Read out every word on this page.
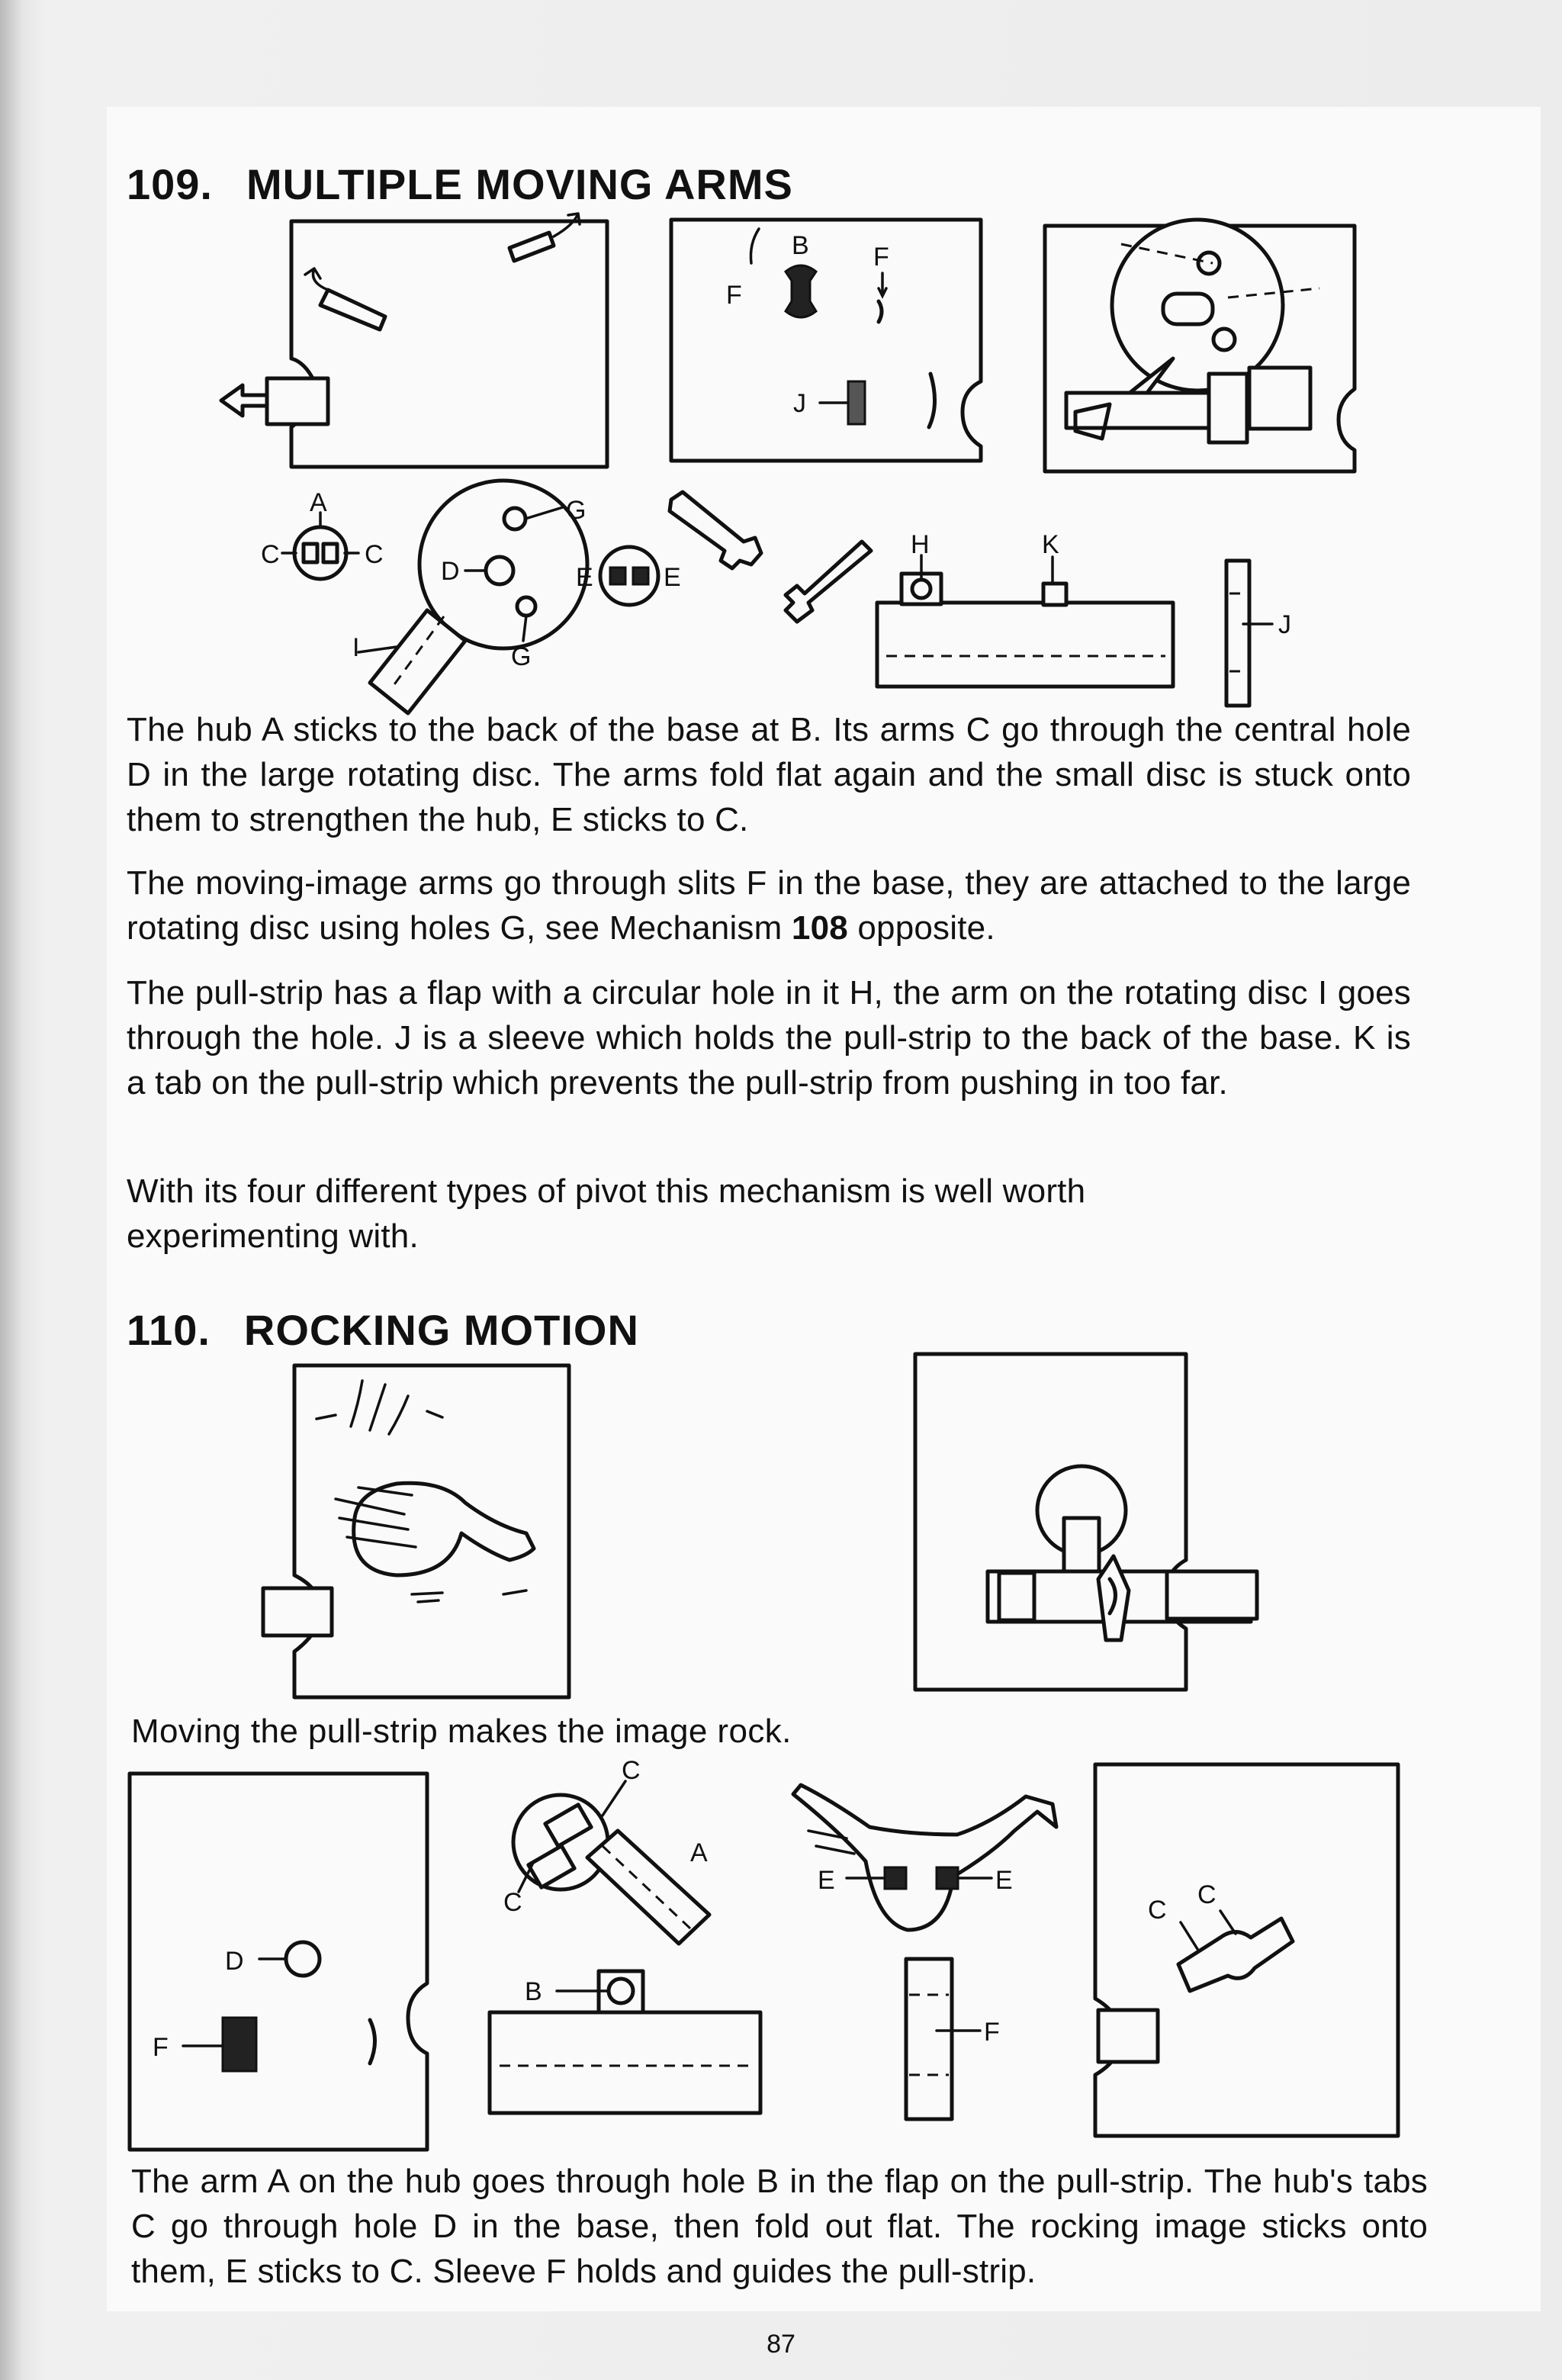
109. MULTIPLE MOVING ARMS
B
F
F
J
A
C	C
D
G
G
I
E	E
H	K
J

The hub A sticks to the back of the base at B. Its arms C go through the central hole D in the large rotating disc. The arms fold flat again and the small disc is stuck onto them to strengthen the hub, E sticks to C.

The moving-image arms go through slits F in the base, they are attached to the large rotating disc using holes G, see Mechanism 108 opposite.

The pull-strip has a flap with a circular hole in it H, the arm on the rotating disc I goes through the hole. J is a sleeve which holds the pull-strip to the back of the base. K is a tab on the pull-strip which prevents the pull-strip from pushing in too far.

With its four different types of pivot this mechanism is well worth experimenting with.

110. ROCKING MOTION

Moving the pull-strip makes the image rock.

D
F
C
C
A
B
E	E
F
C
C

The arm A on the hub goes through hole B in the flap on the pull-strip. The hub's tabs C go through hole D in the base, then fold out flat. The rocking image sticks onto them, E sticks to C. Sleeve F holds and guides the pull-strip.

87
